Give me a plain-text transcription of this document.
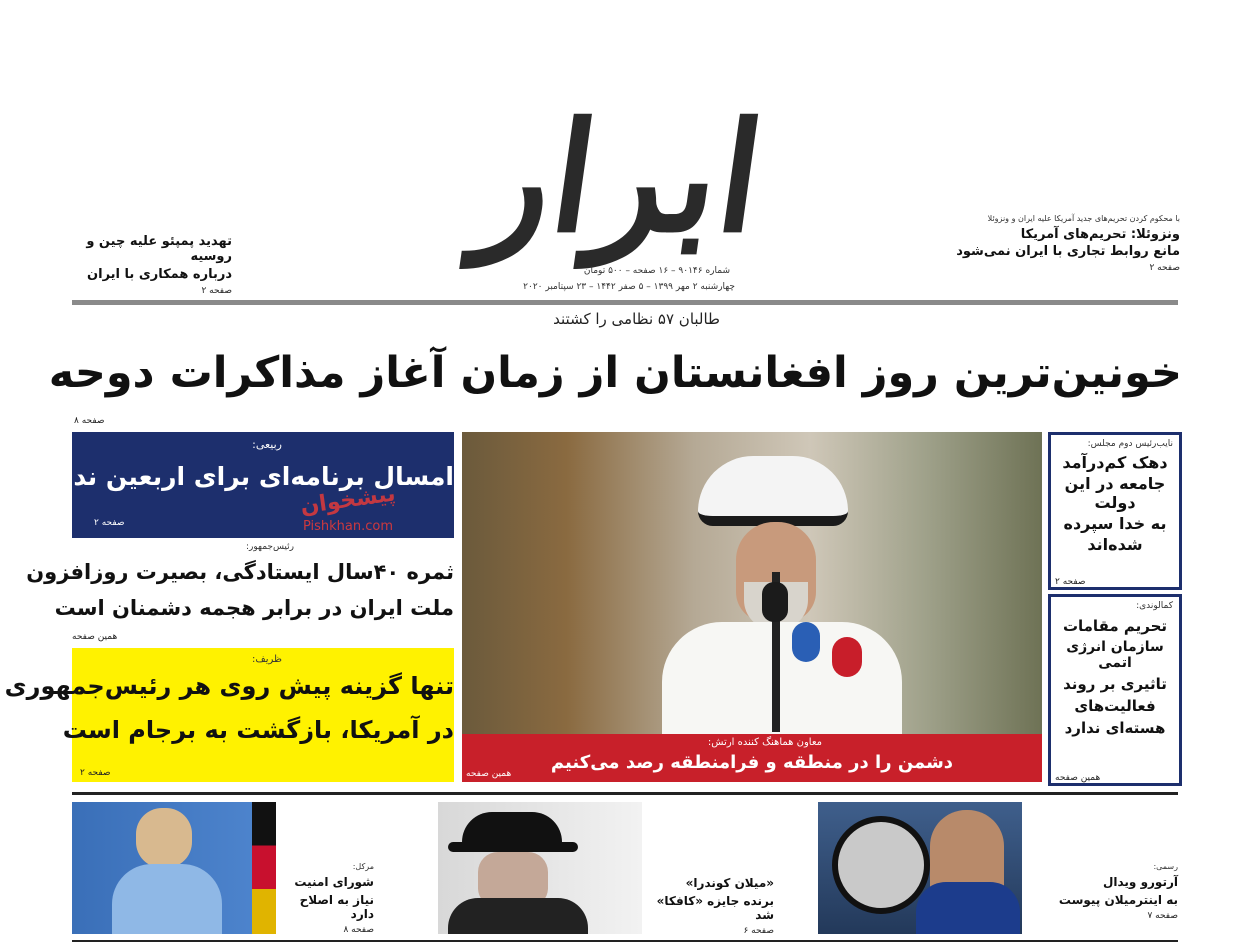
ابرار
شماره ۹۰۱۴۶ – ۱۶ صفحه – ۵۰۰ تومان
چهارشنبه ۲ مهر ۱۳۹۹ – ۵ صفر ۱۴۴۲ – ۲۳ سپتامبر ۲۰۲۰
با محکوم کردن تحریم‌های جدید آمریکا علیه ایران و ونزوئلا
ونزوئلا: تحریم‌های آمریکا
مانع روابط تجاری با ایران نمی‌شود
صفحه ۲
تهدید پمپئو علیه چین و روسیه
درباره همکاری با ایران
صفحه ۲
طالبان ۵۷ نظامی را کشتند
خونین‌ترین روز افغانستان از زمان آغاز مذاکرات دوحه
صفحه ۸
ربیعی:
امسال برنامه‌ای برای اربعین نداریم
صفحه ۲
پیشخوان
Pishkhan.com
رئیس‌جمهور:
ثمره ۴۰سال ایستادگی، بصیرت روزافزون
ملت ایران در برابر هجمه دشمنان است
همین صفحه
ظریف:
تنها گزینه پیش روی هر رئیس‌جمهوری
در آمریکا، بازگشت به برجام است
صفحه ۲
معاون هماهنگ کننده ارتش:
دشمن را در منطقه و فرامنطقه رصد می‌کنیم
همین صفحه
نایب‌رئیس دوم مجلس:
دهک کم‌درآمد
جامعه در این دولت
به خدا سپرده
شده‌اند
صفحه ۲
کمالوندی:
تحریم مقامات
سازمان انرژی اتمی
تاثیری بر روند
فعالیت‌های
هسته‌ای ندارد
همین صفحه
رسمی:
آرتورو ویدال
به اینترمیلان پیوست
صفحه ۷
«میلان کوندرا»
برنده جایزه «کافکا» شد
صفحه ۶
مرکل:
شورای امنیت
نیاز به اصلاح دارد
صفحه ۸
